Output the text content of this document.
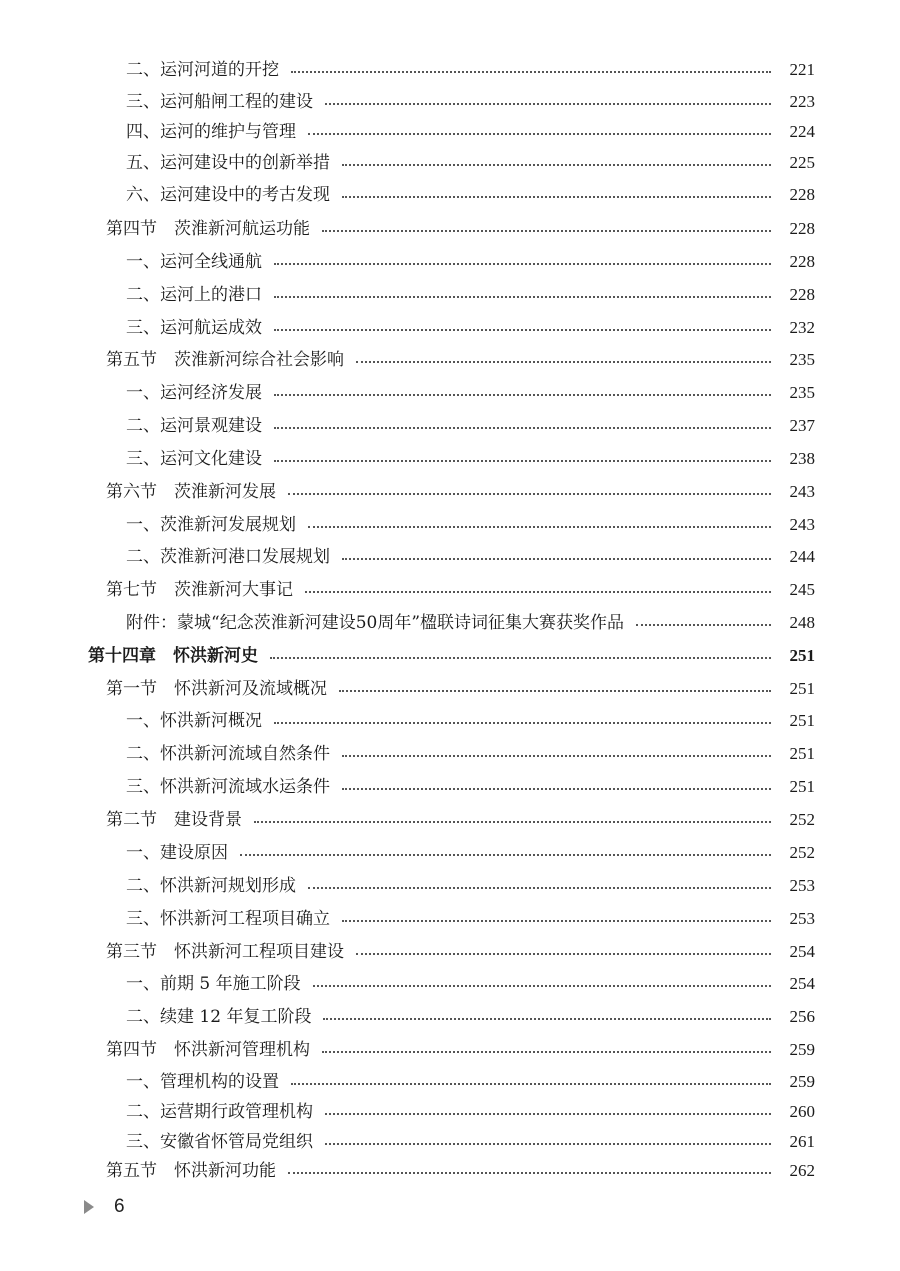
二、运河河道的开挖	221
三、运河船闸工程的建设	223
四、运河的维护与管理	224
五、运河建设中的创新举措	225
六、运河建设中的考古发现	228
第四节　茨淮新河航运功能	228
一、运河全线通航	228
二、运河上的港口	228
三、运河航运成效	232
第五节　茨淮新河综合社会影响	235
一、运河经济发展	235
二、运河景观建设	237
三、运河文化建设	238
第六节　茨淮新河发展	243
一、茨淮新河发展规划	243
二、茨淮新河港口发展规划	244
第七节　茨淮新河大事记	245
附件：蒙城“纪念茨淮新河建设50周年”楹联诗词征集大赛获奖作品	248
第十四章　怀洪新河史	251
第一节　怀洪新河及流域概况	251
一、怀洪新河概况	251
二、怀洪新河流域自然条件	251
三、怀洪新河流域水运条件	251
第二节　建设背景	252
一、建设原因	252
二、怀洪新河规划形成	253
三、怀洪新河工程项目确立	253
第三节　怀洪新河工程项目建设	254
一、前期 5 年施工阶段	254
二、续建 12 年复工阶段	256
第四节　怀洪新河管理机构	259
一、管理机构的设置	259
二、运营期行政管理机构	260
三、安徽省怀管局党组织	261
第五节　怀洪新河功能	262
6
